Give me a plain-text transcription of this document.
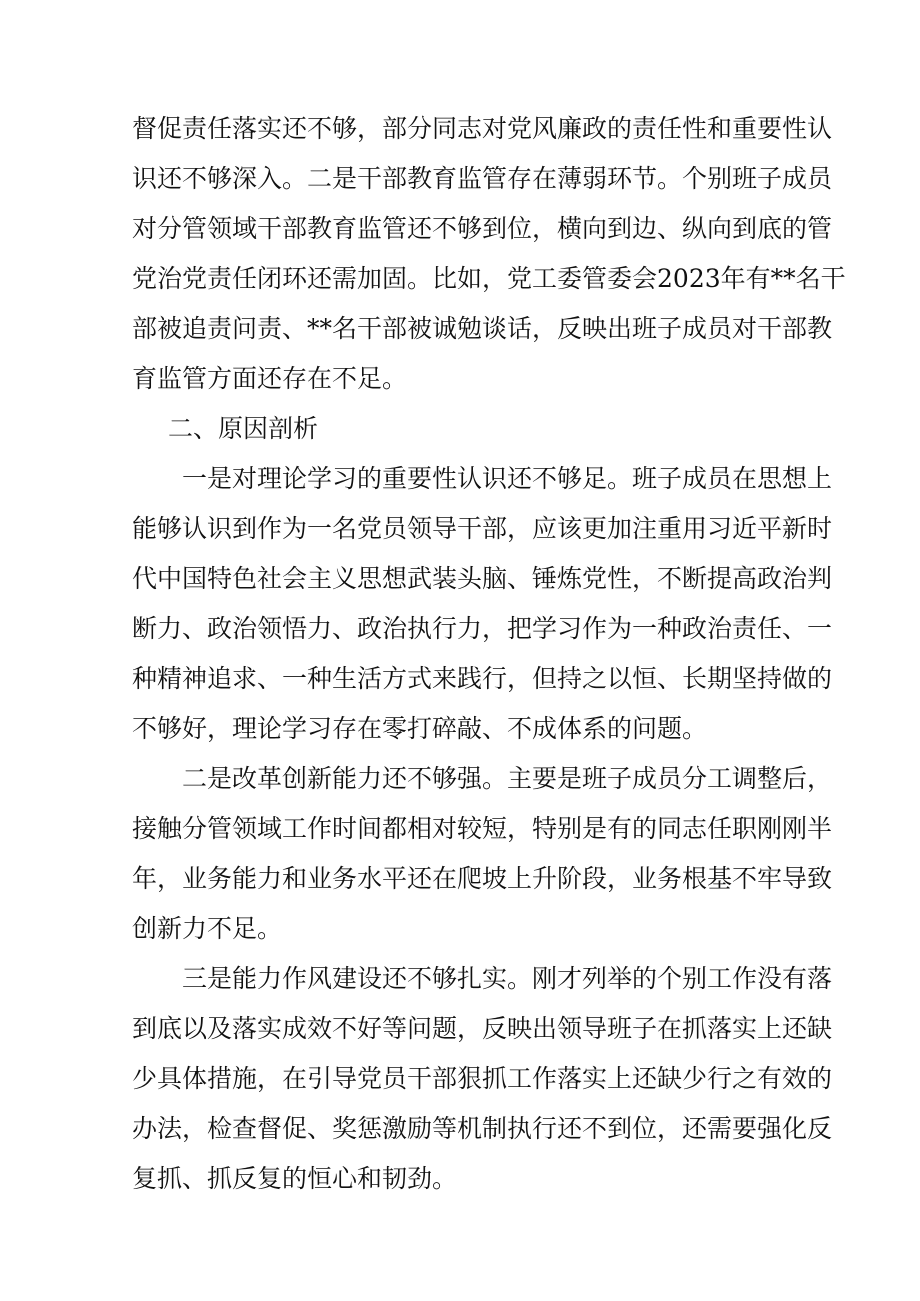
督促责任落实还不够，部分同志对党风廉政的责任性和重要性认
识还不够深入。二是干部教育监管存在薄弱环节。个别班子成员
对分管领域干部教育监管还不够到位，横向到边、纵向到底的管
党治党责任闭环还需加固。比如，党工委管委会2023年有**名干
部被追责问责、**名干部被诚勉谈话，反映出班子成员对干部教
育监管方面还存在不足。
二、原因剖析
一是对理论学习的重要性认识还不够足。班子成员在思想上
能够认识到作为一名党员领导干部，应该更加注重用习近平新时
代中国特色社会主义思想武装头脑、锤炼党性，不断提高政治判
断力、政治领悟力、政治执行力，把学习作为一种政治责任、一
种精神追求、一种生活方式来践行，但持之以恒、长期坚持做的
不够好，理论学习存在零打碎敲、不成体系的问题。
二是改革创新能力还不够强。主要是班子成员分工调整后，
接触分管领域工作时间都相对较短，特别是有的同志任职刚刚半
年，业务能力和业务水平还在爬坡上升阶段，业务根基不牢导致
创新力不足。
三是能力作风建设还不够扎实。刚才列举的个别工作没有落
到底以及落实成效不好等问题，反映出领导班子在抓落实上还缺
少具体措施，在引导党员干部狠抓工作落实上还缺少行之有效的
办法，检查督促、奖惩激励等机制执行还不到位，还需要强化反
复抓、抓反复的恒心和韧劲。
